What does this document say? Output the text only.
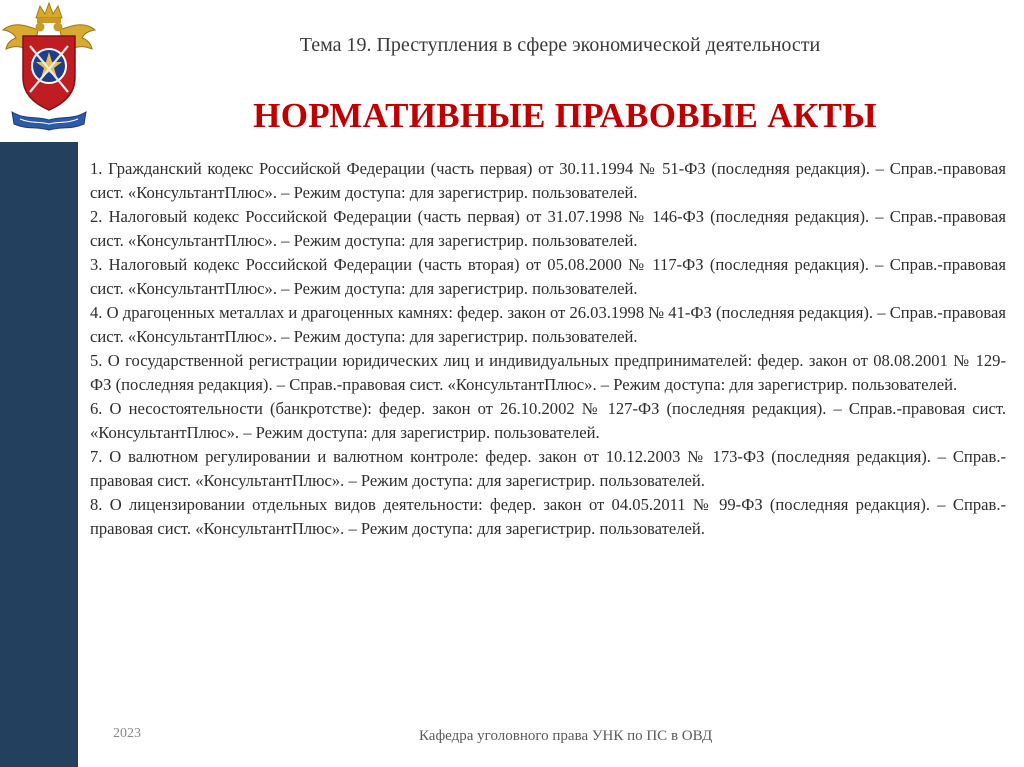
Тема 19. Преступления в сфере экономической деятельности
НОРМАТИВНЫЕ ПРАВОВЫЕ АКТЫ

1. Гражданский кодекс Российской Федерации (часть первая) от 30.11.1994 № 51-ФЗ (последняя редакция). – Справ.-правовая сист. «КонсультантПлюс». – Режим доступа: для зарегистрир. пользователей.

2. Налоговый кодекс Российской Федерации (часть первая) от 31.07.1998 № 146-ФЗ (последняя редакция). – Справ.-правовая сист. «КонсультантПлюс». – Режим доступа: для зарегистрир. пользователей.

3. Налоговый кодекс Российской Федерации (часть вторая) от 05.08.2000 № 117-ФЗ (последняя редакция). – Справ.-правовая сист. «КонсультантПлюс». – Режим доступа: для зарегистрир. пользователей.

4. О драгоценных металлах и драгоценных камнях: федер. закон от 26.03.1998 № 41-ФЗ (последняя редакция). – Справ.-правовая сист. «КонсультантПлюс». – Режим доступа: для зарегистрир. пользователей.

5. О государственной регистрации юридических лиц и индивидуальных предпринимателей: федер. закон от 08.08.2001 № 129-ФЗ (последняя редакция). – Справ.-правовая сист. «КонсультантПлюс». – Режим доступа: для зарегистрир. пользователей.

6. О несостоятельности (банкротстве): федер. закон от 26.10.2002 № 127-ФЗ (последняя редакция). – Справ.-правовая сист. «КонсультантПлюс». – Режим доступа: для зарегистрир. пользователей.

7. О валютном регулировании и валютном контроле: федер. закон от 10.12.2003 № 173-ФЗ (последняя редакция). – Справ.-правовая сист. «КонсультантПлюс». – Режим доступа: для зарегистрир. пользователей.

8. О лицензировании отдельных видов деятельности: федер. закон от 04.05.2011 № 99-ФЗ (последняя редакция). – Справ.-правовая сист. «КонсультантПлюс». – Режим доступа: для зарегистрир. пользователей.

2023	Кафедра уголовного права УНК по ПС в ОВД
